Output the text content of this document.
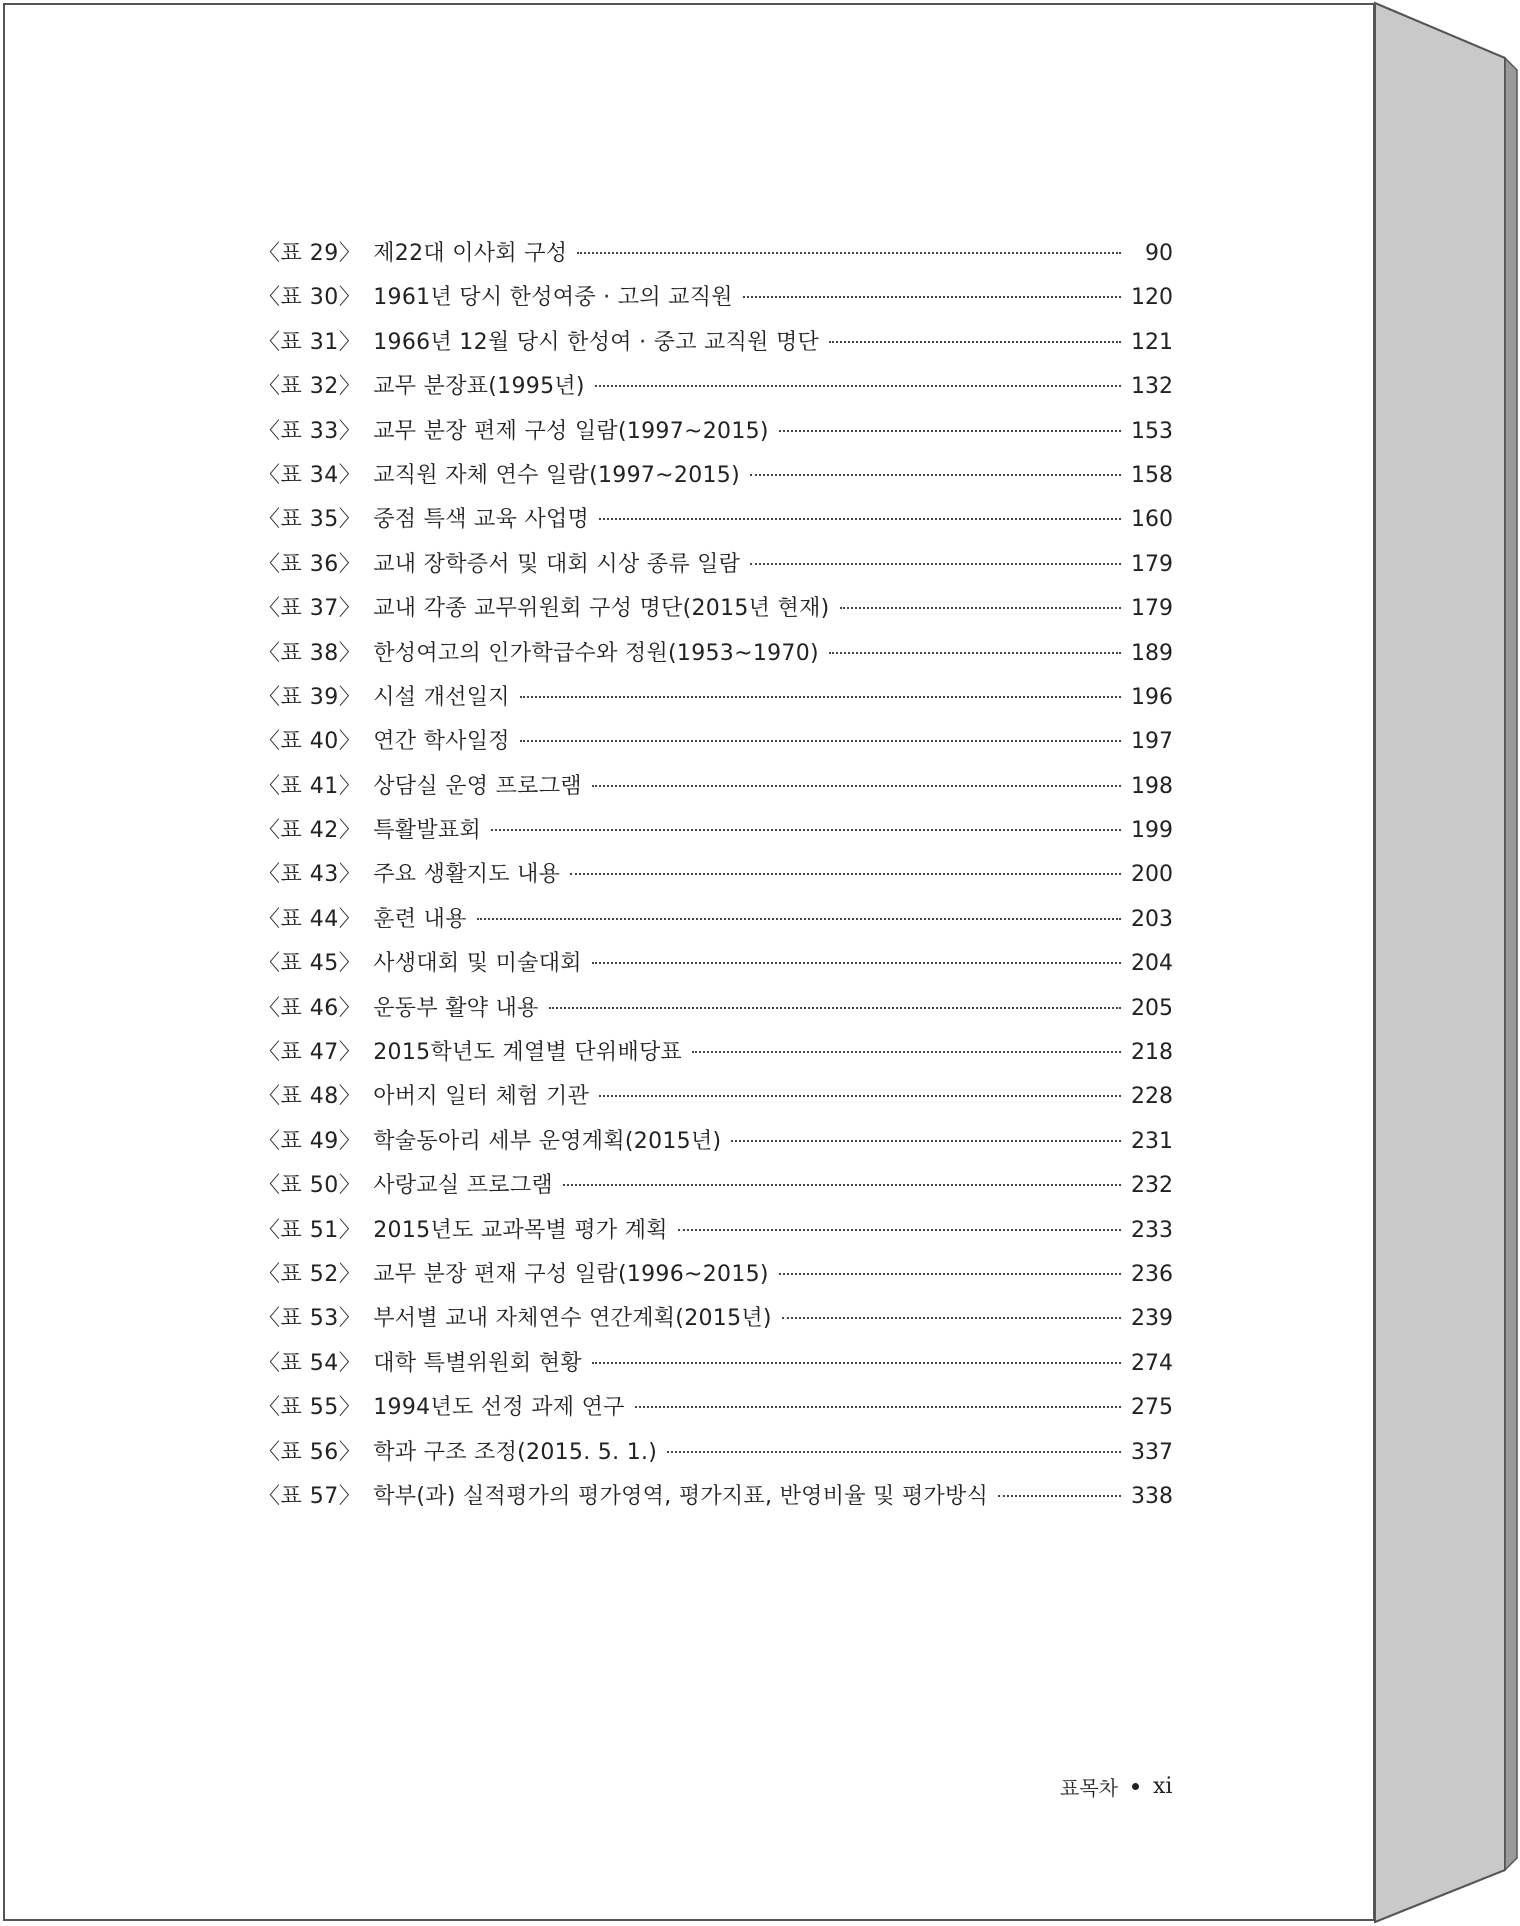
〈표 29〉 제22대 이사회 구성	90
〈표 30〉 1961년 당시 한성여중 · 고의 교직원	120
〈표 31〉 1966년 12월 당시 한성여 · 중고 교직원 명단	121
〈표 32〉 교무 분장표(1995년)	132
〈표 33〉 교무 분장 편제 구성 일람(1997~2015)	153
〈표 34〉 교직원 자체 연수 일람(1997~2015)	158
〈표 35〉 중점 특색 교육 사업명	160
〈표 36〉 교내 장학증서 및 대회 시상 종류 일람	179
〈표 37〉 교내 각종 교무위원회 구성 명단(2015년 현재)	179
〈표 38〉 한성여고의 인가학급수와 정원(1953~1970)	189
〈표 39〉 시설 개선일지	196
〈표 40〉 연간 학사일정	197
〈표 41〉 상담실 운영 프로그램	198
〈표 42〉 특활발표회	199
〈표 43〉 주요 생활지도 내용	200
〈표 44〉 훈련 내용	203
〈표 45〉 사생대회 및 미술대회	204
〈표 46〉 운동부 활약 내용	205
〈표 47〉 2015학년도 계열별 단위배당표	218
〈표 48〉 아버지 일터 체험 기관	228
〈표 49〉 학술동아리 세부 운영계획(2015년)	231
〈표 50〉 사랑교실 프로그램	232
〈표 51〉 2015년도 교과목별 평가 계획	233
〈표 52〉 교무 분장 편재 구성 일람(1996~2015)	236
〈표 53〉 부서별 교내 자체연수 연간계획(2015년)	239
〈표 54〉 대학 특별위원회 현황	274
〈표 55〉 1994년도 선정 과제 연구	275
〈표 56〉 학과 구조 조정(2015. 5. 1.)	337
〈표 57〉 학부(과) 실적평가의 평가영역, 평가지표, 반영비율 및 평가방식	338
표목차 xi
